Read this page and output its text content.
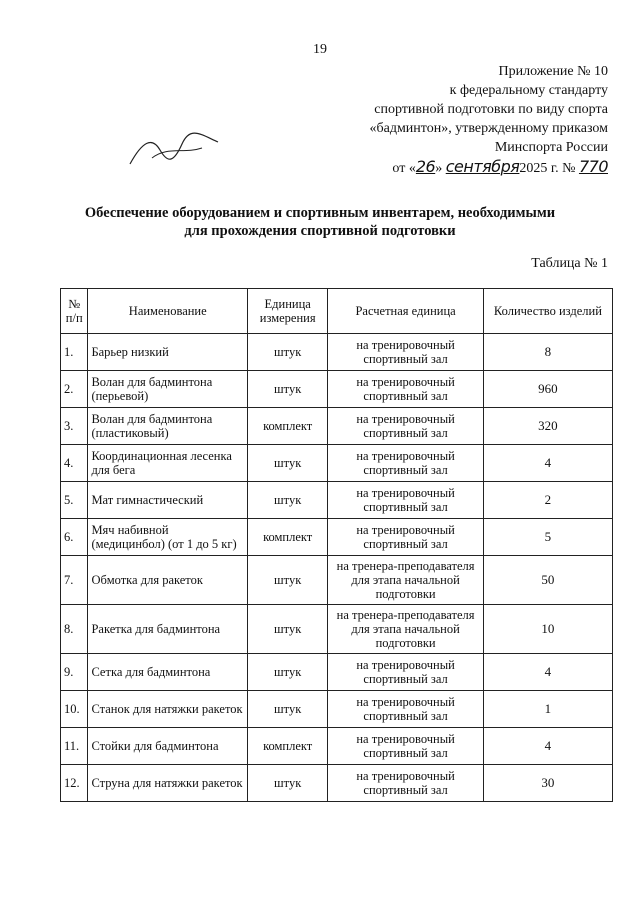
19
Приложение № 10
к федеральному стандарту
спортивной подготовки по виду спорта
«бадминтон», утвержденному приказом
Минспорта России
от «26» сентября2025 г. № 770
Обеспечение оборудованием и спортивным инвентарем, необходимыми
для прохождения спортивной подготовки
Таблица № 1
№ п/п	Наименование	Единица измерения	Расчетная единица	Количество изделий
1.	Барьер низкий	штук	на тренировочный спортивный зал	8
2.	Волан для бадминтона (перьевой)	штук	на тренировочный спортивный зал	960
3.	Волан для бадминтона (пластиковый)	комплект	на тренировочный спортивный зал	320
4.	Координационная лесенка для бега	штук	на тренировочный спортивный зал	4
5.	Мат гимнастический	штук	на тренировочный спортивный зал	2
6.	Мяч набивной (медицинбол) (от 1 до 5 кг)	комплект	на тренировочный спортивный зал	5
7.	Обмотка для ракеток	штук	на тренера-преподавателя для этапа начальной подготовки	50
8.	Ракетка для бадминтона	штук	на тренера-преподавателя для этапа начальной подготовки	10
9.	Сетка для бадминтона	штук	на тренировочный спортивный зал	4
10.	Станок для натяжки ракеток	штук	на тренировочный спортивный зал	1
11.	Стойки для бадминтона	комплект	на тренировочный спортивный зал	4
12.	Струна для натяжки ракеток	штук	на тренировочный спортивный зал	30
